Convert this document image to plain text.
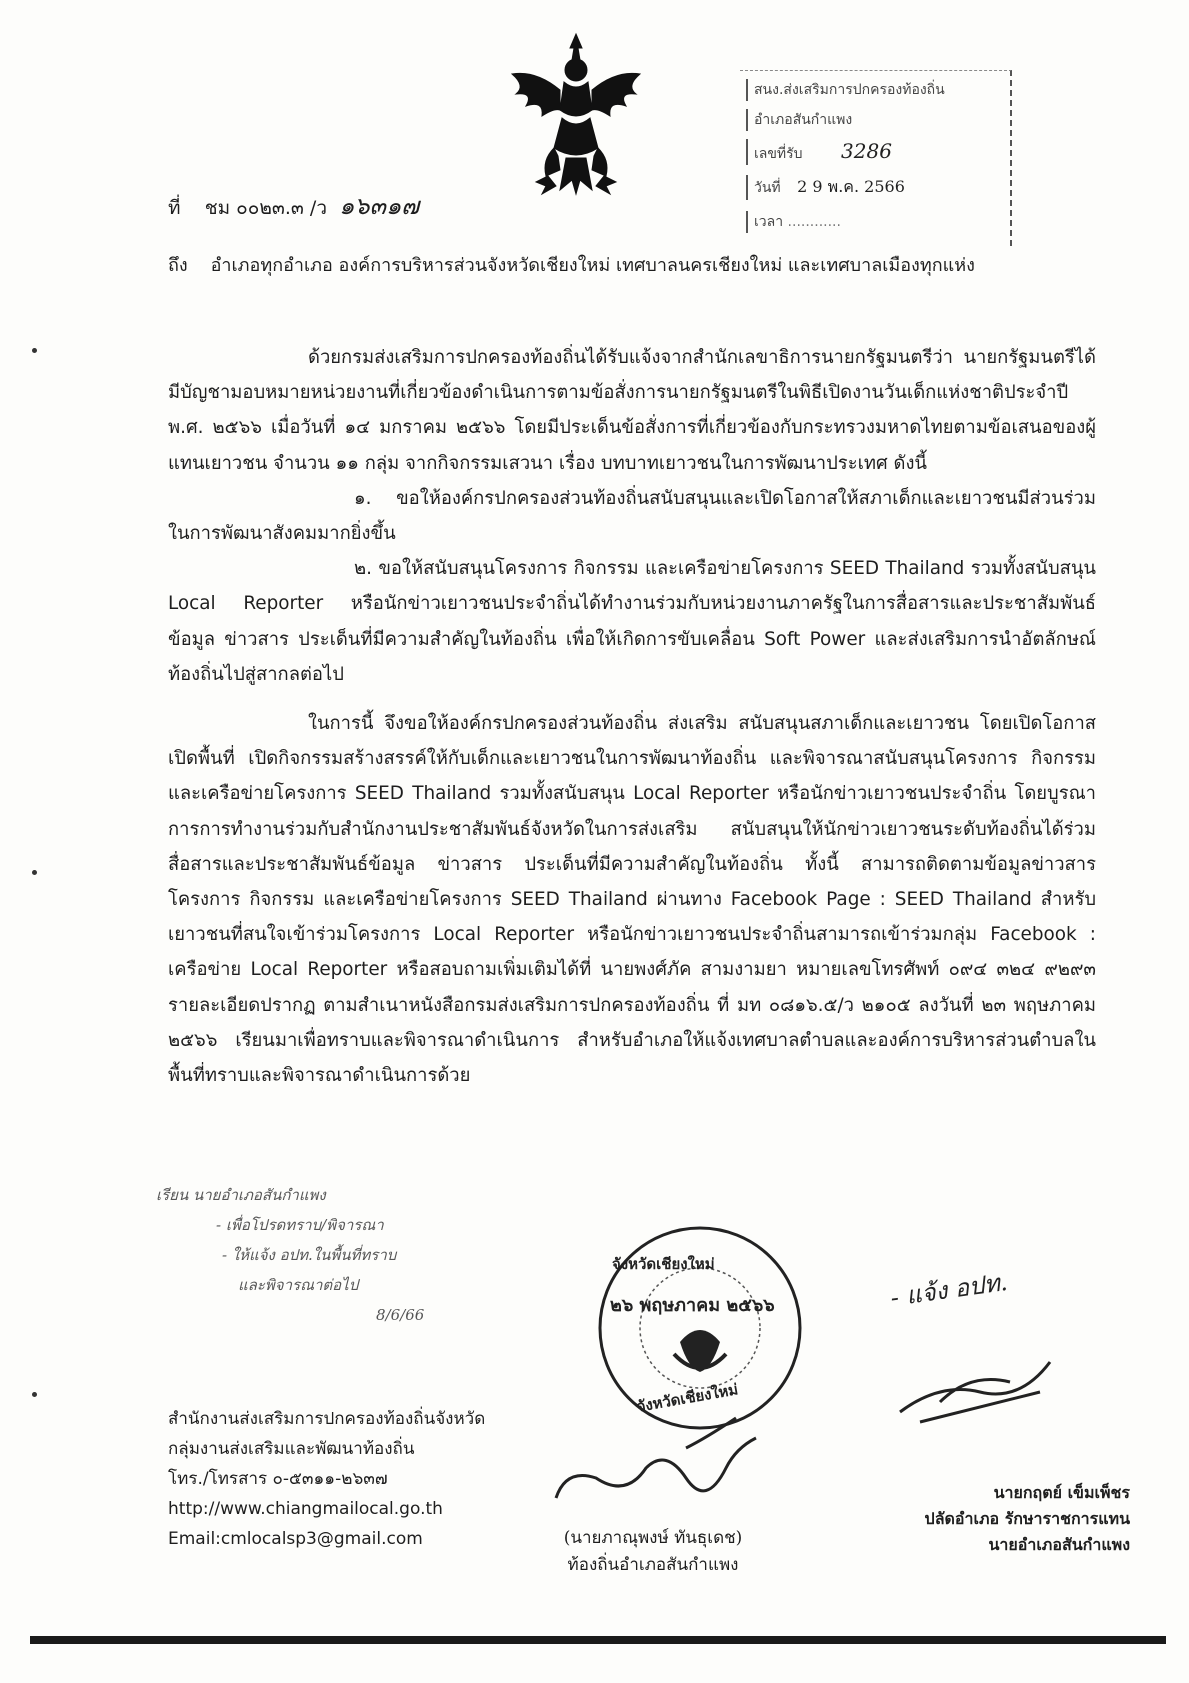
สนง.ส่งเสริมการปกครองท้องถิ่น
อำเภอสันกำแพง
เลขที่รับ 3286
วันที่ 2 9 พ.ค. 2566
เวลา ............
ที่ ชม ๐๐๒๓.๓ /ว ๑๖๓๑๗
ถึง อำเภอทุกอำเภอ องค์การบริหารส่วนจังหวัดเชียงใหม่ เทศบาลนครเชียงใหม่ และเทศบาลเมืองทุกแห่ง

ด้วยกรมส่งเสริมการปกครองท้องถิ่นได้รับแจ้งจากสำนักเลขาธิการนายกรัฐมนตรีว่า นายกรัฐมนตรีได้มีบัญชามอบหมายหน่วยงานที่เกี่ยวข้องดำเนินการตามข้อสั่งการนายกรัฐมนตรีในพิธีเปิดงานวันเด็กแห่งชาติประจำปี พ.ศ. ๒๕๖๖ เมื่อวันที่ ๑๔ มกราคม ๒๕๖๖ โดยมีประเด็นข้อสั่งการที่เกี่ยวข้องกับกระทรวงมหาดไทยตามข้อเสนอของผู้แทนเยาวชน จำนวน ๑๑ กลุ่ม จากกิจกรรมเสวนา เรื่อง บทบาทเยาวชนในการพัฒนาประเทศ ดังนี้

๑. ขอให้องค์กรปกครองส่วนท้องถิ่นสนับสนุนและเปิดโอกาสให้สภาเด็กและเยาวชนมีส่วนร่วมในการพัฒนาสังคมมากยิ่งขึ้น

๒. ขอให้สนับสนุนโครงการ กิจกรรม และเครือข่ายโครงการ SEED Thailand รวมทั้งสนับสนุน Local Reporter หรือนักข่าวเยาวชนประจำถิ่นได้ทำงานร่วมกับหน่วยงานภาครัฐในการสื่อสารและประชาสัมพันธ์ ข้อมูล ข่าวสาร ประเด็นที่มีความสำคัญในท้องถิ่น เพื่อให้เกิดการขับเคลื่อน Soft Power และส่งเสริมการนำอัตลักษณ์ท้องถิ่นไปสู่สากลต่อไป

ในการนี้ จึงขอให้องค์กรปกครองส่วนท้องถิ่น ส่งเสริม สนับสนุนสภาเด็กและเยาวชน โดยเปิดโอกาส เปิดพื้นที่ เปิดกิจกรรมสร้างสรรค์ให้กับเด็กและเยาวชนในการพัฒนาท้องถิ่น และพิจารณาสนับสนุนโครงการ กิจกรรม และเครือข่ายโครงการ SEED Thailand รวมทั้งสนับสนุน Local Reporter หรือนักข่าวเยาวชนประจำถิ่น โดยบูรณาการการทำงานร่วมกับสำนักงานประชาสัมพันธ์จังหวัดในการส่งเสริม สนับสนุนให้นักข่าวเยาวชนระดับท้องถิ่นได้ร่วมสื่อสารและประชาสัมพันธ์ข้อมูล ข่าวสาร ประเด็นที่มีความสำคัญในท้องถิ่น ทั้งนี้ สามารถติดตามข้อมูลข่าวสารโครงการ กิจกรรม และเครือข่ายโครงการ SEED Thailand ผ่านทาง Facebook Page : SEED Thailand สำหรับเยาวชนที่สนใจเข้าร่วมโครงการ Local Reporter หรือนักข่าวเยาวชนประจำถิ่นสามารถเข้าร่วมกลุ่ม Facebook : เครือข่าย Local Reporter หรือสอบถามเพิ่มเติมได้ที่ นายพงศ์ภัค สามงามยา หมายเลขโทรศัพท์ ๐๙๔ ๓๒๔ ๙๒๙๓ รายละเอียดปรากฏ ตามสำเนาหนังสือกรมส่งเสริมการปกครองท้องถิ่น ที่ มท ๐๘๑๖.๕/ว ๒๑๐๕ ลงวันที่ ๒๓ พฤษภาคม ๒๕๖๖ เรียนมาเพื่อทราบและพิจารณาดำเนินการ สำหรับอำเภอให้แจ้งเทศบาลตำบลและองค์การบริหารส่วนตำบลในพื้นที่ทราบและพิจารณาดำเนินการด้วย

เรียน นายอำเภอสันกำแพง
- เพื่อโปรดทราบ/พิจารณา
- ให้แจ้ง อปท.ในพื้นที่ทราบ
และพิจารณาต่อไป
8/6/66
จังหวัดเชียงใหม่
๒๖ พฤษภาคม ๒๕๖๖
จังหวัดเชียงใหม่
- แจ้ง อปท.
สำนักงานส่งเสริมการปกครองท้องถิ่นจังหวัด
กลุ่มงานส่งเสริมและพัฒนาท้องถิ่น
โทร./โทรสาร ๐-๕๓๑๑-๒๖๓๗
http://www.chiangmailocal.go.th
Email:cmlocalsp3@gmail.com	(นายภาณุพงษ์ ทันธุเดช)
ท้องถิ่นอำเภอสันกำแพง
นายกฤตย์ เข็มเพ็ชร
ปลัดอำเภอ รักษาราชการแทน
นายอำเภอสันกำแพง
